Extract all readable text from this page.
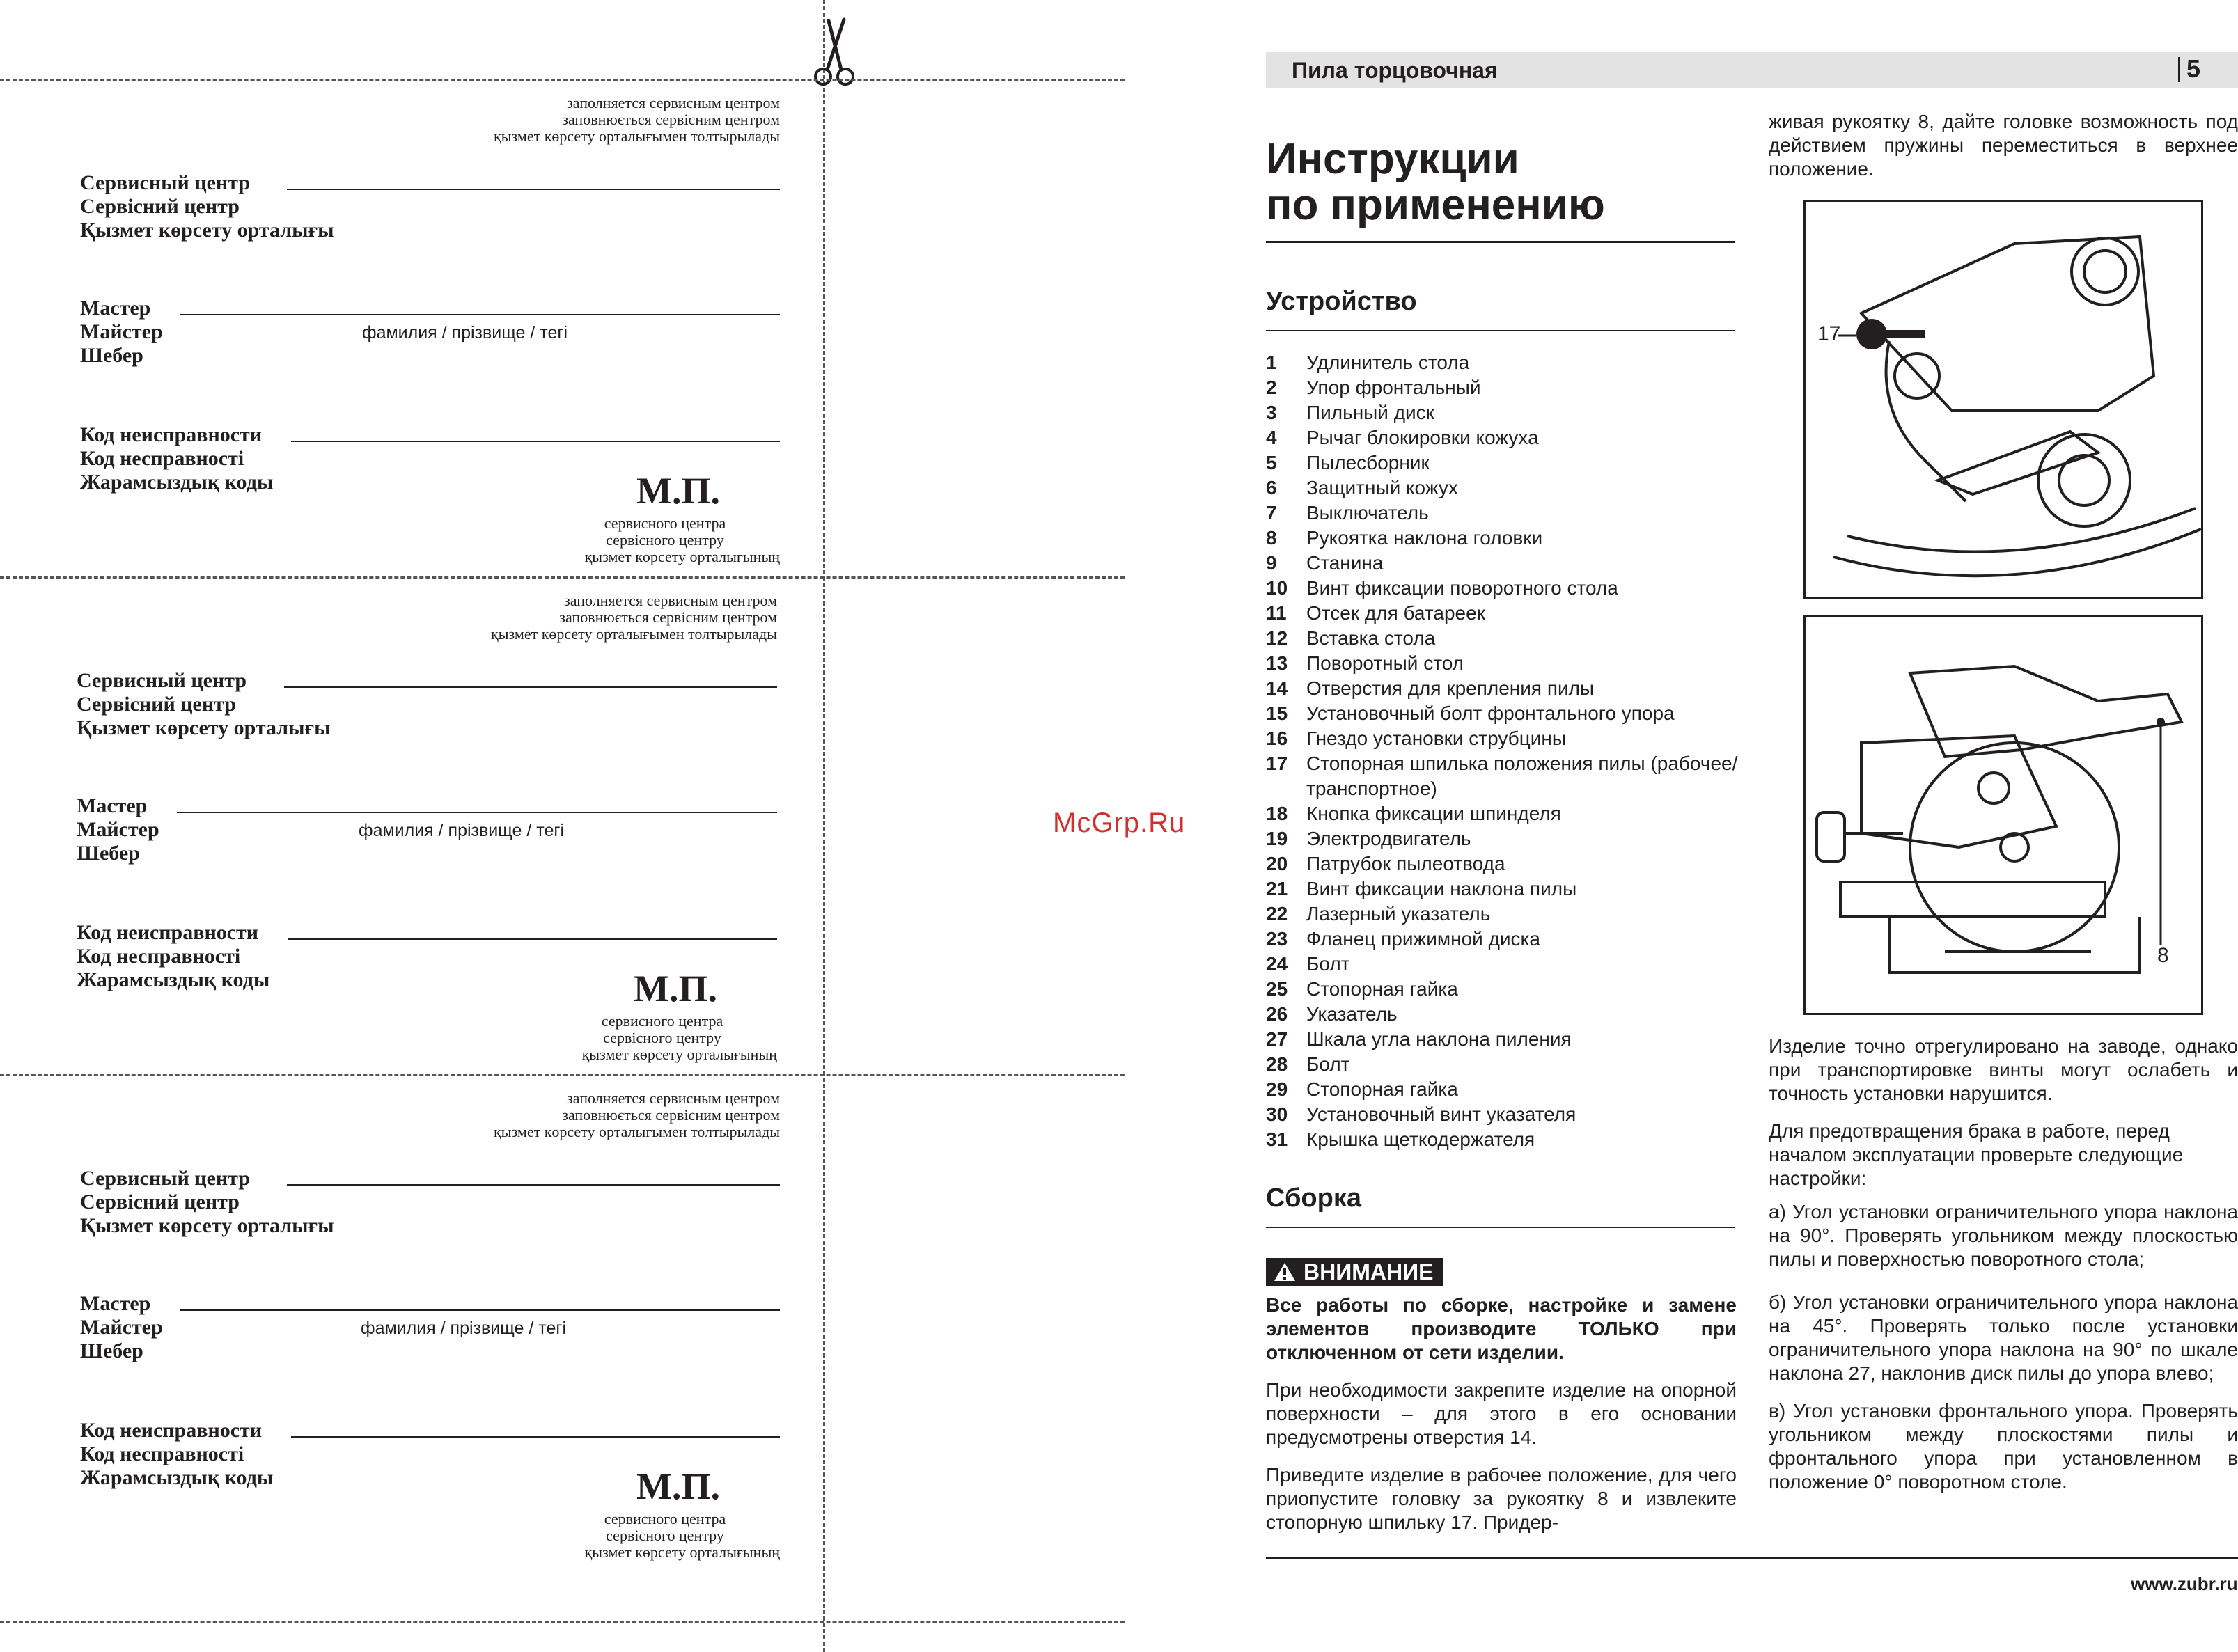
заполняется сервисным центром
заповнюється сервісним центром
қызмет көрсету орталығымен толтырылады
Сервисный центр
Сервісний центр
Қызмет көрсету орталығы
Мастер
Майстер
Шебер
фамилия / прізвище / тегі
Код неисправности
Код несправності
Жарамсыздық коды	М.П.
сервисного центра
сервісного центру
қызмет көрсету орталығының
заполняется сервисным центром
заповнюється сервісним центром
қызмет көрсету орталығымен толтырылады
Сервисный центр
Сервісний центр
Қызмет көрсету орталығы
Мастер
Майстер
Шебер
фамилия / прізвище / тегі
Код неисправности
Код несправності
Жарамсыздық коды	М.П.
сервисного центра
сервісного центру
қызмет көрсету орталығының
заполняется сервисным центром
заповнюється сервісним центром
қызмет көрсету орталығымен толтырылады
Сервисный центр
Сервісний центр
Қызмет көрсету орталығы
Мастер
Майстер
Шебер
фамилия / прізвище / тегі
Код неисправности
Код несправності
Жарамсыздық коды	М.П.
сервисного центра
сервісного центру
қызмет көрсету орталығының
McGrp.Ru
Пила торцовочная	5
Инструкции
по применению
Устройство
1	Удлинитель стола
2	Упор фронтальный
3	Пильный диск
4	Рычаг блокировки кожуха
5	Пылесборник
6	Защитный кожух
7	Выключатель
8	Рукоятка наклона головки
9	Станина
10 Винт фиксации поворотного стола
11	Отсек для батареек
12 Вставка стола
13 Поворотный стол
14 Отверстия для крепления пилы
15 Установочный болт фронтального упора
16 Гнездо установки струбцины
17 Стопорная шпилька положения пилы (рабочее/транспортное)
18 Кнопка фиксации шпинделя
19 Электродвигатель
20 Патрубок пылеотвода
21 Винт фиксации наклона пилы
22 Лазерный указатель
23 Фланец прижимной диска
24 Болт
25 Стопорная гайка
26 Указатель
27 Шкала угла наклона пиления
28 Болт
29 Стопорная гайка
30 Установочный винт указателя
31 Крышка щеткодержателя
Сборка
ВНИМАНИЕ
Все работы по сборке, настройке и замене элементов производите ТОЛЬКО при отключенном от сети изделии.
При необходимости закрепите изделие на опорной поверхности – для этого в его основании предусмотрены отверстия 14.
Приведите изделие в рабочее положение, для чего приопустите головку за рукоятку 8 и извлеките стопорную шпильку 17. Придер-
живая рукоятку 8, дайте головке возможность под действием пружины переместиться в верхнее положение.
17
8
Изделие точно отрегулировано на заводе, однако при транспортировке винты могут ослабеть и точность установки нарушится.
Для предотвращения брака в работе, перед началом эксплуатации проверьте следующие настройки:
а) Угол установки ограничительного упора наклона на 90°. Проверять угольником между плоскостью пилы и поверхностью поворотного стола;
б) Угол установки ограничительного упора наклона на 45°. Проверять только после установки ограничительного упора наклона на 90° по шкале наклона 27, наклонив диск пилы до упора влево;
в) Угол установки фронтального упора. Проверять угольником между плоскостями пилы и фронтального упора при установленном в положение 0° поворотном столе.
www.zubr.ru
